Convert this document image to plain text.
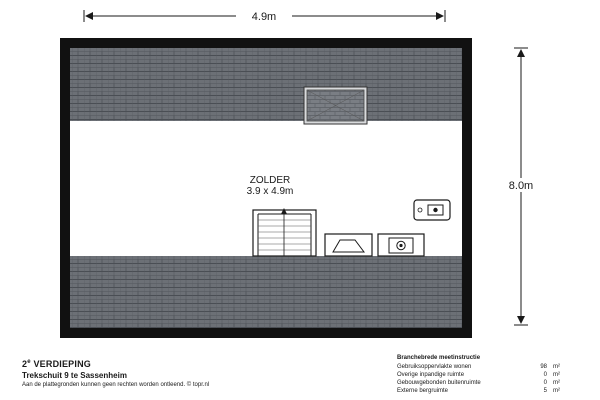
4.9m
8.0m
ZOLDER
3.9 x 4.9m
2e VERDIEPING
Trekschuit 9 te Sassenheim
Aan de plattegronden kunnen geen rechten worden ontleend. © topr.nl
Branchebrede meetinstructie
Gebruiksoppervlakte wonen	98 m²
Overige inpandige ruimte	0 m²
Gebouwgebonden buitenruimte	0 m²
Externe bergruimte	5 m²
